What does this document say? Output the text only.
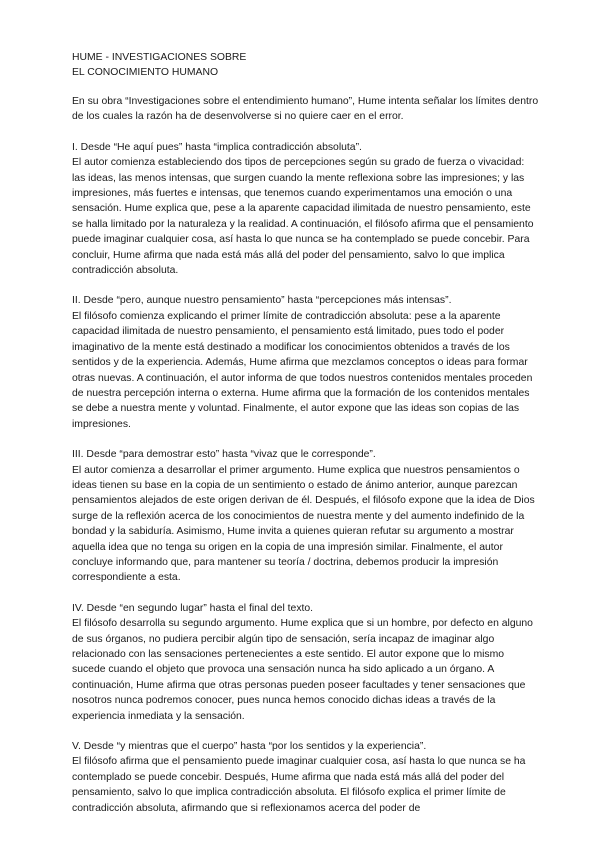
HUME - INVESTIGACIONES SOBRE
EL CONOCIMIENTO HUMANO

En su obra “Investigaciones sobre el entendimiento humano”, Hume intenta señalar los límites dentro de los cuales la razón ha de desenvolverse si no quiere caer en el error.

I. Desde “He aquí pues” hasta “implica contradicción absoluta”.

El autor comienza estableciendo dos tipos de percepciones según su grado de fuerza o vivacidad: las ideas, las menos intensas, que surgen cuando la mente reflexiona sobre las impresiones; y las impresiones, más fuertes e intensas, que tenemos cuando experimentamos una emoción o una sensación. Hume explica que, pese a la aparente capacidad ilimitada de nuestro pensamiento, este se halla limitado por la naturaleza y la realidad. A continuación, el filósofo afirma que el pensamiento puede imaginar cualquier cosa, así hasta lo que nunca se ha contemplado se puede concebir. Para concluir, Hume afirma que nada está más allá del poder del pensamiento, salvo lo que implica contradicción absoluta.

II. Desde “pero, aunque nuestro pensamiento” hasta “percepciones más intensas”.

El filósofo comienza explicando el primer límite de contradicción absoluta: pese a la aparente capacidad ilimitada de nuestro pensamiento, el pensamiento está limitado, pues todo el poder imaginativo de la mente está destinado a modificar los conocimientos obtenidos a través de los sentidos y de la experiencia. Además, Hume afirma que mezclamos conceptos o ideas para formar otras nuevas. A continuación, el autor informa de que todos nuestros contenidos mentales proceden de nuestra percepción interna o externa. Hume afirma que la formación de los contenidos mentales se debe a nuestra mente y voluntad. Finalmente, el autor expone que las ideas son copias de las impresiones.

III. Desde “para demostrar esto” hasta “vivaz que le corresponde”.

El autor comienza a desarrollar el primer argumento. Hume explica que nuestros pensamientos o ideas tienen su base en la copia de un sentimiento o estado de ánimo anterior, aunque parezcan pensamientos alejados de este origen derivan de él. Después, el filósofo expone que la idea de Dios surge de la reflexión acerca de los conocimientos de nuestra mente y del aumento indefinido de la bondad y la sabiduría. Asimismo, Hume invita a quienes quieran refutar su argumento a mostrar aquella idea que no tenga su origen en la copia de una impresión similar. Finalmente, el autor concluye informando que, para mantener su teoría / doctrina, debemos producir la impresión correspondiente a esta.

IV. Desde “en segundo lugar” hasta el final del texto.

El filósofo desarrolla su segundo argumento. Hume explica que si un hombre, por defecto en alguno de sus órganos, no pudiera percibir algún tipo de sensación, sería incapaz de imaginar algo relacionado con las sensaciones pertenecientes a este sentido. El autor expone que lo mismo sucede cuando el objeto que provoca una sensación nunca ha sido aplicado a un órgano. A continuación, Hume afirma que otras personas pueden poseer facultades y tener sensaciones que nosotros nunca podremos conocer, pues nunca hemos conocido dichas ideas a través de la experiencia inmediata y la sensación.

V. Desde “y mientras que el cuerpo” hasta “por los sentidos y la experiencia”.

El filósofo afirma que el pensamiento puede imaginar cualquier cosa, así hasta lo que nunca se ha contemplado se puede concebir. Después, Hume afirma que nada está más allá del poder del pensamiento, salvo lo que implica contradicción absoluta. El filósofo explica el primer límite de contradicción absoluta, afirmando que si reflexionamos acerca del poder de
